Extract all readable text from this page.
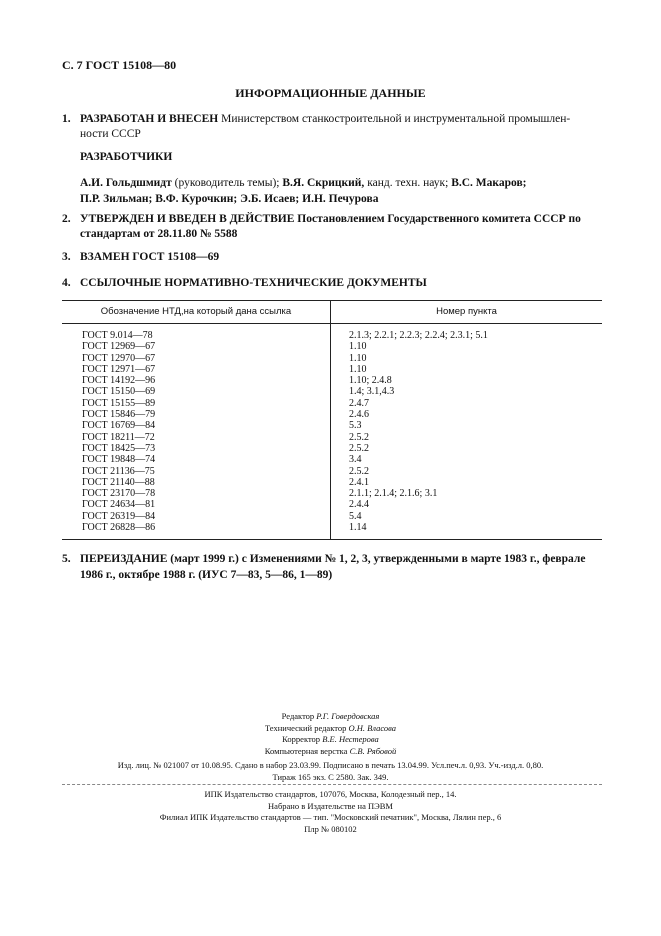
С. 7 ГОСТ 15108—80
ИНФОРМАЦИОННЫЕ ДАННЫЕ
1. РАЗРАБОТАН И ВНЕСЕН Министерством станкостроительной и инструментальной промышлен-
ности СССР
РАЗРАБОТЧИКИ
А.И. Гольдшмидт (руководитель темы); В.Я. Скрицкий, канд. техн. наук; В.С. Макаров;
П.Р. Зильман; В.Ф. Курочкин; Э.Б. Исаев; И.Н. Печурова
2. УТВЕРЖДЕН И ВВЕДЕН В ДЕЙСТВИЕ Постановлением Государственного комитета СССР по
стандартам от 28.11.80 № 5588
3. ВЗАМЕН ГОСТ 15108—69
4. ССЫЛОЧНЫЕ НОРМАТИВНО-ТЕХНИЧЕСКИЕ ДОКУМЕНТЫ
Обозначение НТД,на который дана ссылка	Номер пункта
ГОСТ 9.014—78	2.1.3; 2.2.1; 2.2.3; 2.2.4; 2.3.1; 5.1
ГОСТ 12969—67	1.10
ГОСТ 12970—67	1.10
ГОСТ 12971—67	1.10
ГОСТ 14192—96	1.10; 2.4.8
ГОСТ 15150—69	1.4; 3.1,4.3
ГОСТ 15155—89	2.4.7
ГОСТ 15846—79	2.4.6
ГОСТ 16769—84	5.3
ГОСТ 18211—72	2.5.2
ГОСТ 18425—73	2.5.2
ГОСТ 19848—74	3.4
ГОСТ 21136—75	2.5.2
ГОСТ 21140—88	2.4.1
ГОСТ 23170—78	2.1.1; 2.1.4; 2.1.6; 3.1
ГОСТ 24634—81	2.4.4
ГОСТ 26319—84	5.4
ГОСТ 26828—86	1.14
5. ПЕРЕИЗДАНИЕ (март 1999 г.) с Изменениями № 1, 2, 3, утвержденными в марте 1983 г., феврале
1986 г., октябре 1988 г. (ИУС 7—83, 5—86, 1—89)
Редактор Р.Г. Говердовская
Технический редактор О.Н. Власова
Корректор В.Е. Нестерова
Компьютерная верстка С.В. Рябовой
Изд. лиц. № 021007 от 10.08.95. Сдано в набор 23.03.99. Подписано в печать 13.04.99. Усл.печ.л. 0,93. Уч.-изд.л. 0,80.
Тираж 165 экз. С 2580. Зак. 349.
ИПК Издательство стандартов, 107076, Москва, Колодезный пер., 14.
Набрано в Издательстве на ПЭВМ
Филиал ИПК Издательство стандартов — тип. "Московский печатник", Москва, Лялин пер., 6
Плр № 080102
